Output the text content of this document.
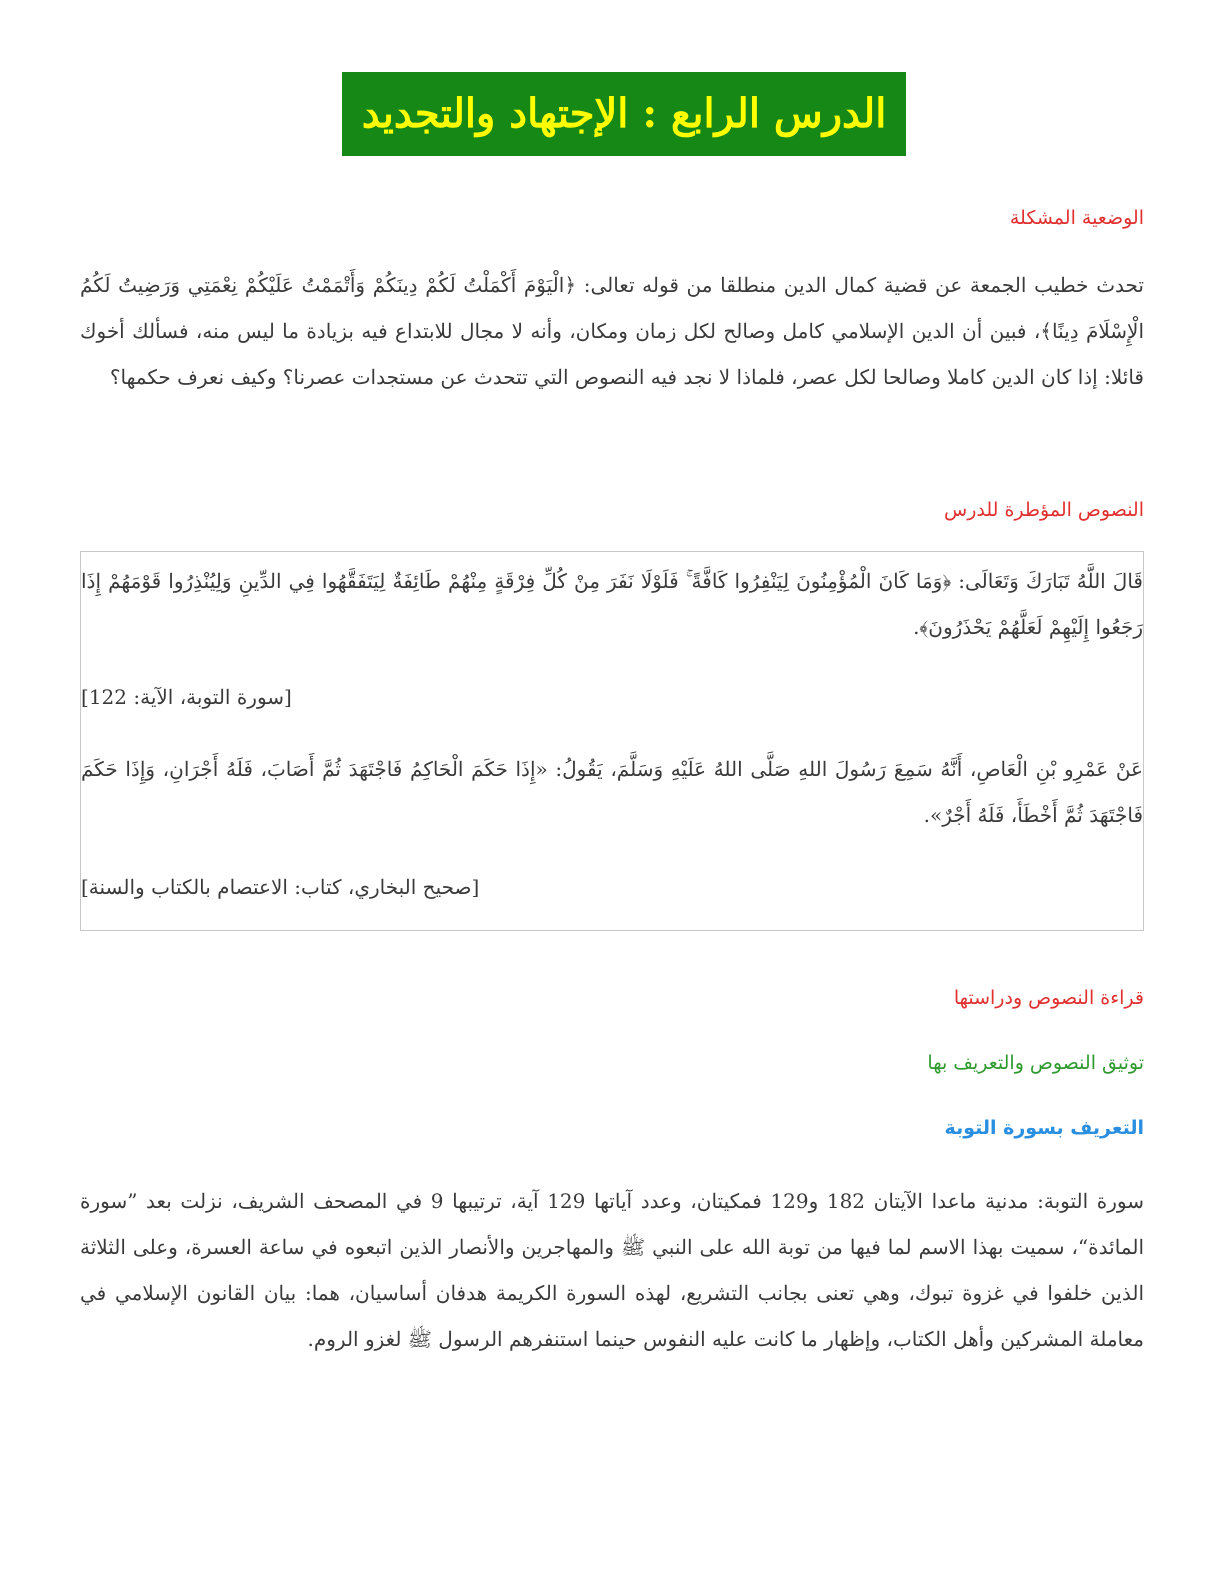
الدرس الرابع : الإجتهاد والتجديد
الوضعية المشكلة

تحدث خطيب الجمعة عن قضية كمال الدين منطلقا من قوله تعالى: ﴿الْيَوْمَ أَكْمَلْتُ لَكُمْ دِينَكُمْ وَأَتْمَمْتُ عَلَيْكُمْ نِعْمَتِي وَرَضِيتُ لَكُمُ الْإِسْلَامَ دِينًا﴾، فبين أن الدين الإسلامي كامل وصالح لكل زمان ومكان، وأنه لا مجال للابتداع فيه بزيادة ما ليس منه، فسألك أخوك قائلا: إذا كان الدين كاملا وصالحا لكل عصر، فلماذا لا نجد فيه النصوص التي تتحدث عن مستجدات عصرنا؟ وكيف نعرف حكمها؟

النصوص المؤطرة للدرس

قَالَ اللَّهُ تَبَارَكَ وَتَعَالَى: ﴿وَمَا كَانَ الْمُؤْمِنُونَ لِيَنْفِرُوا كَافَّةً ۚ فَلَوْلَا نَفَرَ مِنْ كُلِّ فِرْقَةٍ مِنْهُمْ طَائِفَةٌ لِيَتَفَقَّهُوا فِي الدِّينِ وَلِيُنْذِرُوا قَوْمَهُمْ إِذَا رَجَعُوا إِلَيْهِمْ لَعَلَّهُمْ يَحْذَرُونَ﴾.

[سورة التوبة، الآية: 122]

عَنْ عَمْرِو بْنِ الْعَاصِ، أَنَّهُ سَمِعَ رَسُولَ اللهِ صَلَّى اللهُ عَلَيْهِ وَسَلَّمَ، يَقُولُ: «إِذَا حَكَمَ الْحَاكِمُ فَاجْتَهَدَ ثُمَّ أَصَابَ، فَلَهُ أَجْرَانِ، وَإِذَا حَكَمَ فَاجْتَهَدَ ثُمَّ أَخْطَأَ، فَلَهُ أَجْرٌ».

[صحيح البخاري، كتاب: الاعتصام بالكتاب والسنة]

قراءة النصوص ودراستها
توثيق النصوص والتعريف بها
التعريف بسورة التوبة

سورة التوبة: مدنية ماعدا الآيتان 182 و129 فمكيتان، وعدد آياتها 129 آية، ترتيبها 9 في المصحف الشريف، نزلت بعد ”سورة المائدة“، سميت بهذا الاسم لما فيها من توبة الله على النبي ﷺ والمهاجرين والأنصار الذين اتبعوه في ساعة العسرة، وعلى الثلاثة الذين خلفوا في غزوة تبوك، وهي تعنى بجانب التشريع، لهذه السورة الكريمة هدفان أساسيان، هما: بيان القانون الإسلامي في معاملة المشركين وأهل الكتاب، وإظهار ما كانت عليه النفوس حينما استنفرهم الرسول ﷺ لغزو الروم.
